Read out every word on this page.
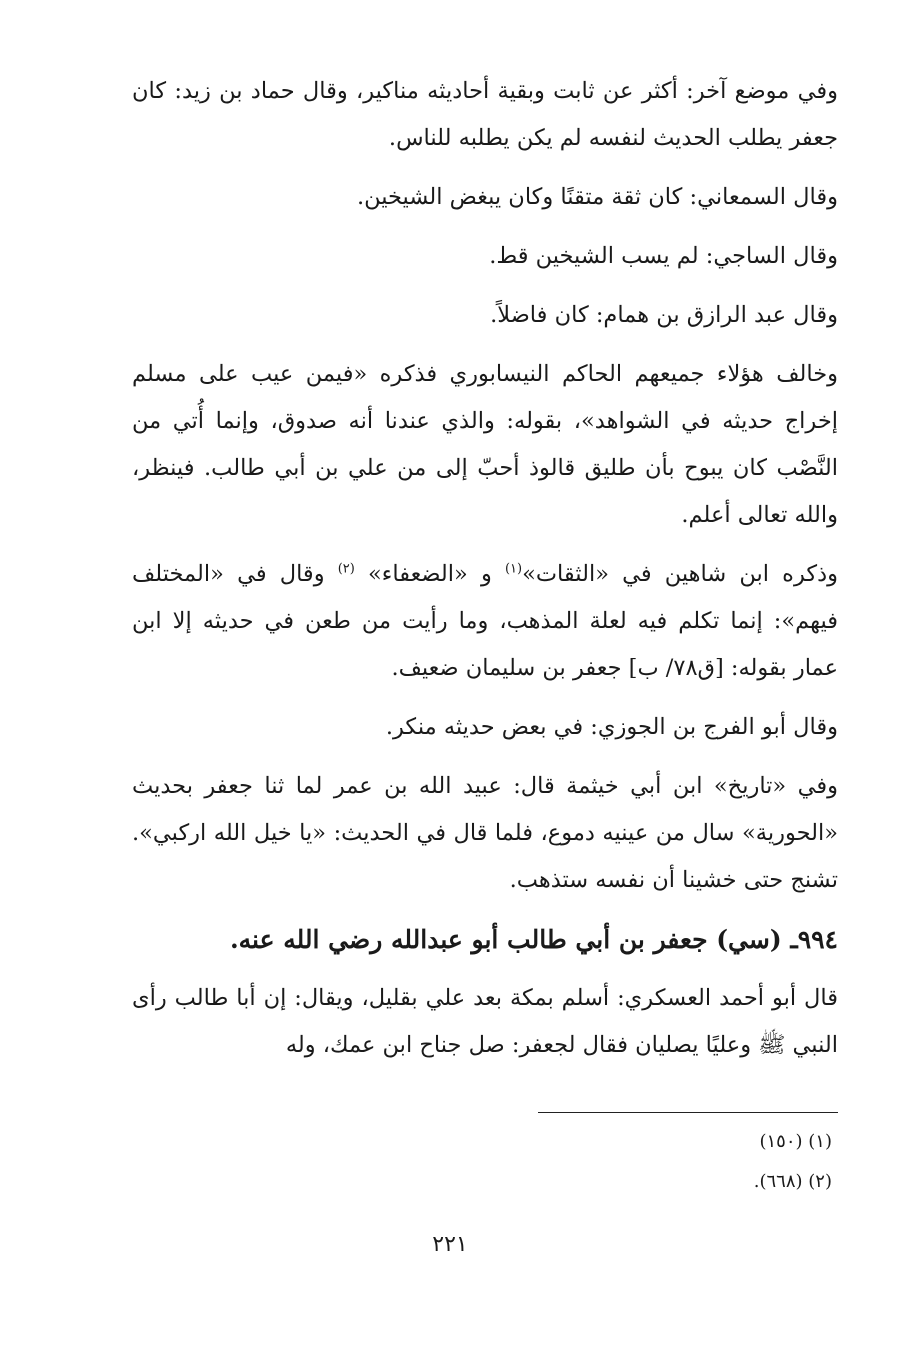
وفي موضع آخر: أكثر عن ثابت وبقية أحاديثه مناكير، وقال حماد بن زيد: كان جعفر يطلب الحديث لنفسه لم يكن يطلبه للناس.

وقال السمعاني: كان ثقة متقنًا وكان يبغض الشيخين.

وقال الساجي: لم يسب الشيخين قط.

وقال عبد الرازق بن همام: كان فاضلاً.

وخالف هؤلاء جميعهم الحاكم النيسابوري فذكره «فيمن عيب على مسلم إخراج حديثه في الشواهد»، بقوله: والذي عندنا أنه صدوق، وإنما أُتي من النَّصْب كان يبوح بأن طليق قالوذ أحبّ إلى من علي بن أبي طالب. فينظر، والله تعالى أعلم.

وذكره ابن شاهين في «الثقات»$^{(١)}$ و «الضعفاء» $^{(٢)}$ وقال في «المختلف فيهم»: إنما تكلم فيه لعلة المذهب، وما رأيت من طعن في حديثه إلا ابن عمار بقوله: [ق٧٨/ ب] جعفر بن سليمان ضعيف.

وقال أبو الفرج بن الجوزي: في بعض حديثه منكر.

وفي «تاريخ» ابن أبي خيثمة قال: عبيد الله بن عمر لما ثنا جعفر بحديث «الحورية» سال من عينيه دموع، فلما قال في الحديث: «يا خيل الله اركبي». تشنج حتى خشينا أن نفسه ستذهب.

٩٩٤ـ (سي) جعفر بن أبي طالب أبو عبدالله رضي الله عنه.

قال أبو أحمد العسكري: أسلم بمكة بعد علي بقليل، ويقال: إن أبا طالب رأى النبي ﷺ وعليًا يصليان فقال لجعفر: صل جناح ابن عمك، وله

(١) (١٥٠)

(٢) (٦٦٨).

٢٢١
